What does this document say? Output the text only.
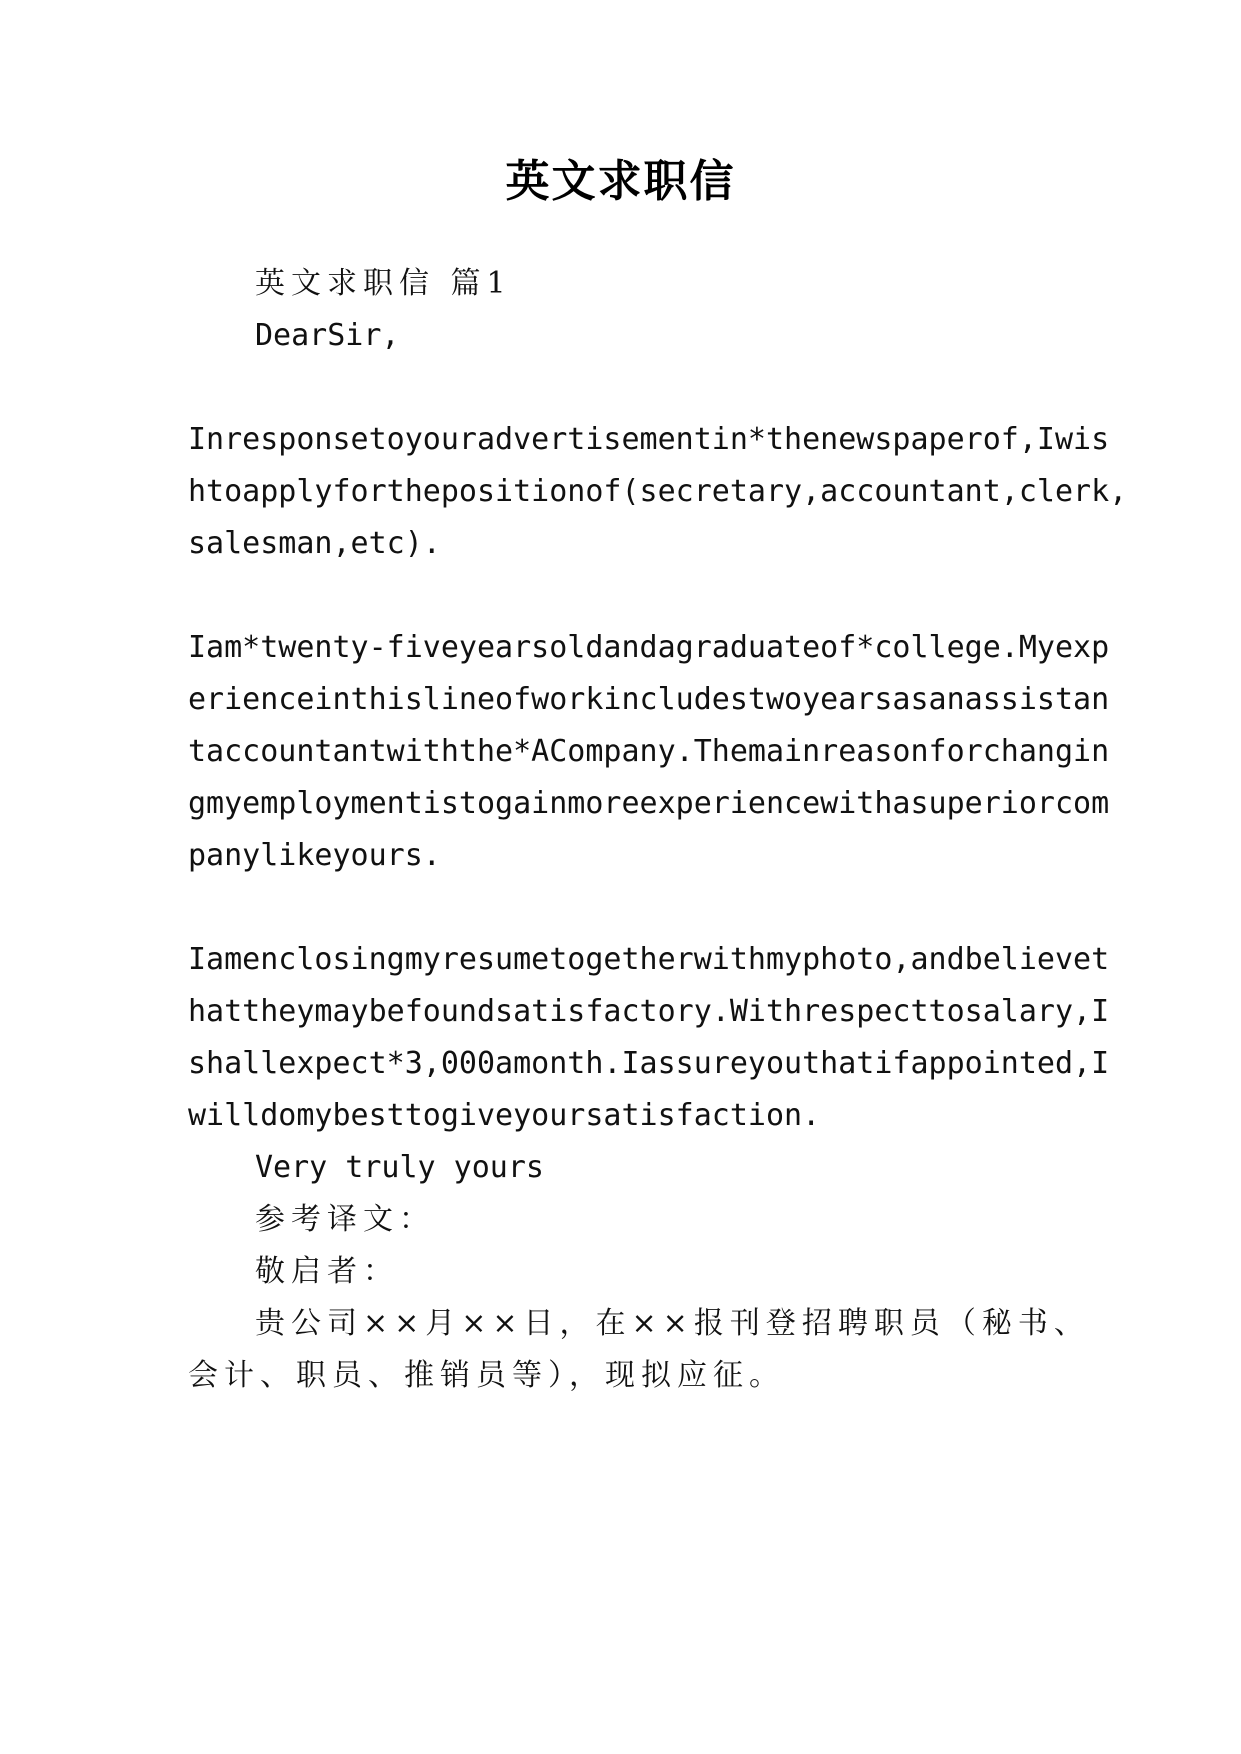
英文求职信
英文求职信 篇1
DearSir,
Inresponsetoyouradvertisementin*thenewspaperof,Iwis
htoapplyforthepositionof(secretary,accountant,clerk,
salesman,etc).
Iam*twenty-fiveyearsoldandagraduateof*college.Myexp
erienceinthislineofworkincludestwoyearsasanassistan
taccountantwiththe*ACompany.Themainreasonforchangin
gmyemploymentistogainmoreexperiencewithasuperiorcom
panylikeyours.
Iamenclosingmyresumetogetherwithmyphoto,andbelievet
hattheymaybefoundsatisfactory.Withrespecttosalary,I
shallexpect*3,000amonth.Iassureyouthatifappointed,I
willdomybesttogiveyoursatisfaction.
Very truly yours
参考译文：
敬启者：
贵公司××月××日，在××报刊登招聘职员（秘书、
会计、职员、推销员等），现拟应征。
